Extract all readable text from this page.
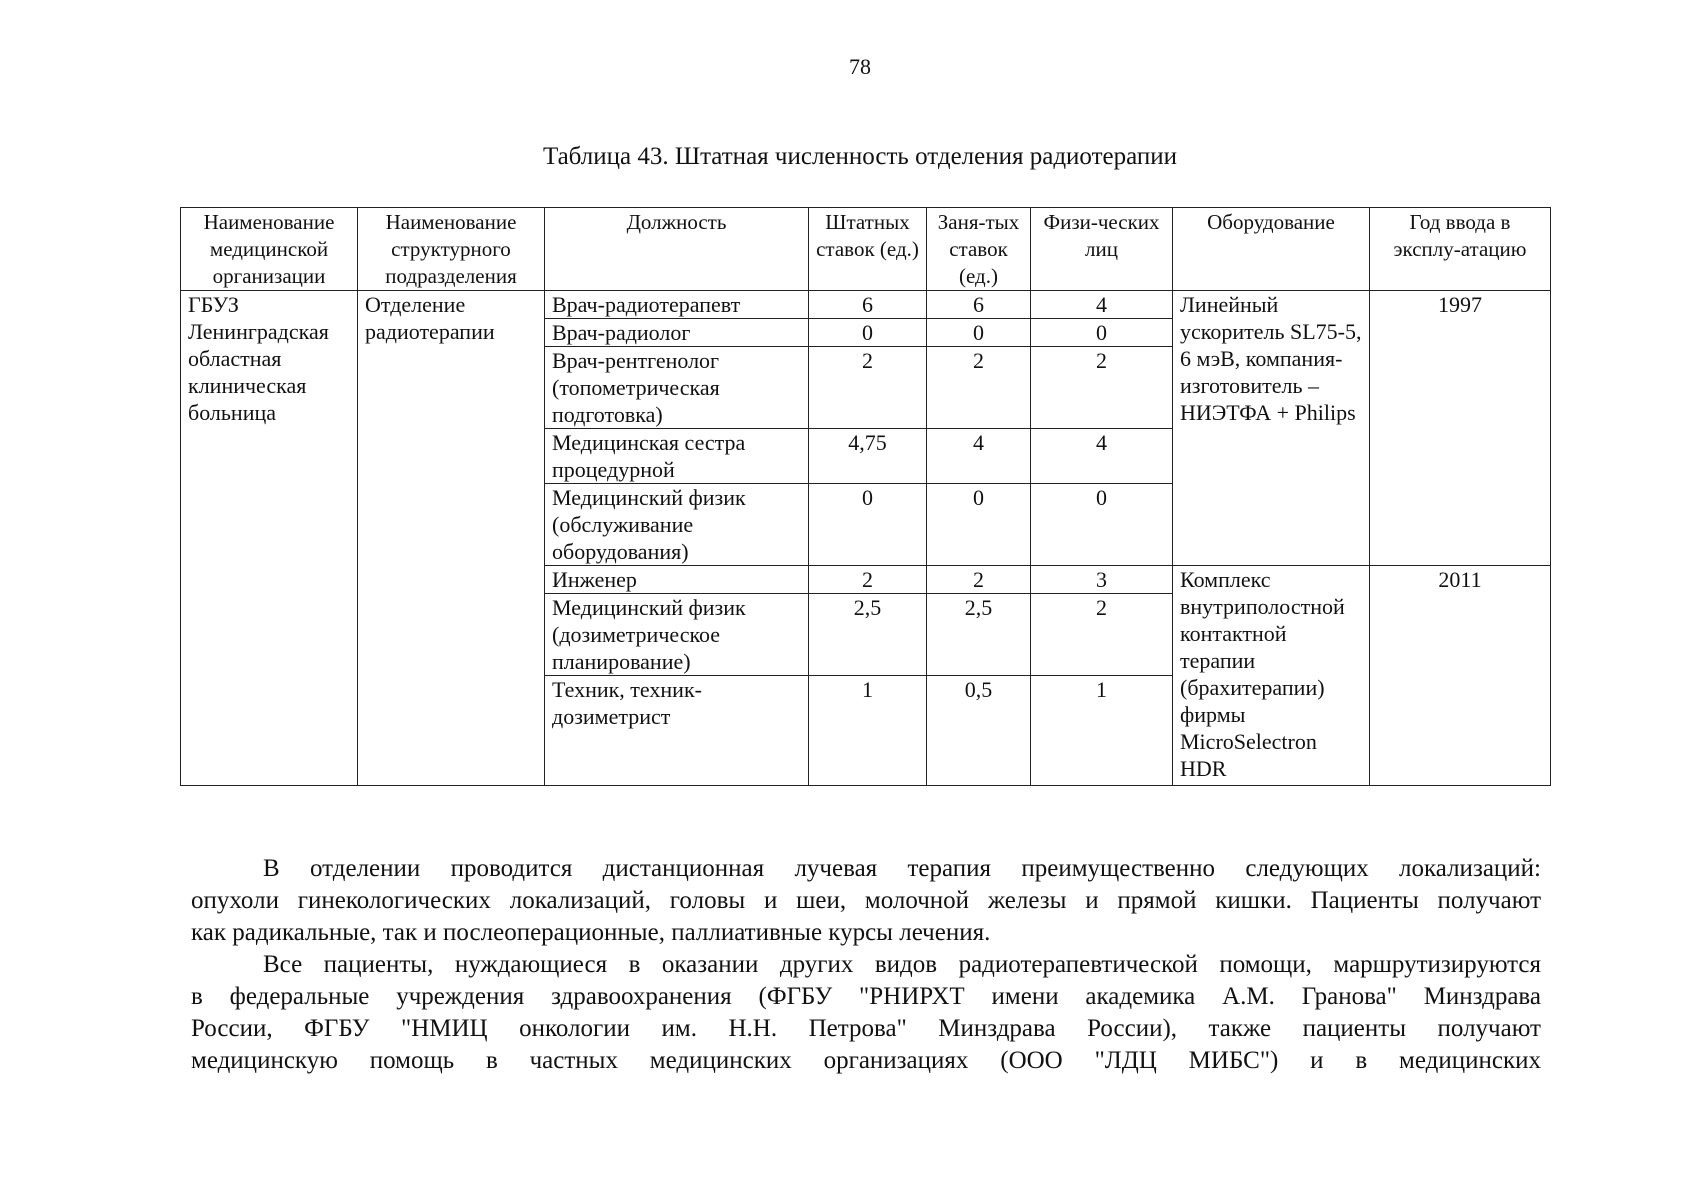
78
Таблица 43. Штатная численность отделения радиотерапии
Наименование медицинской организации	Наименование структурного подразделения	Должность	Штатных ставок (ед.)	Заня-тых ставок (ед.)	Физи-ческих лиц	Оборудование	Год ввода в эксплу-атацию
ГБУЗ Ленинградская областная клиническая больница	Отделение радиотерапии	Врач-радиотерапевт	6	6	4	Линейный ускоритель SL75-5, 6 мэВ, компания-изготовитель – НИЭТФА + Philips	1997
		Врач-радиолог	0	0	0		
		Врач-рентгенолог (топометрическая подготовка)	2	2	2		
		Медицинская сестра процедурной	4,75	4	4		
		Медицинский физик (обслуживание оборудования)	0	0	0		
		Инженер	2	2	3	Комплекс внутриполостной контактной терапии (брахитерапии) фирмы MicroSelectron HDR	2011
		Медицинский физик (дозиметрическое планирование)	2,5	2,5	2		
		Техник, техник-дозиметрист	1	0,5	1		

В отделении проводится дистанционная лучевая терапия преимущественно следующих локализаций:
опухоли гинекологических локализаций, головы и шеи, молочной железы и прямой кишки. Пациенты получают
как радикальные, так и послеоперационные, паллиативные курсы лечения.

Все пациенты, нуждающиеся в оказании других видов радиотерапевтической помощи, маршрутизируются
в федеральные учреждения здравоохранения (ФГБУ "РНИРХТ имени академика А.М. Гранова" Минздрава
России, ФГБУ "НМИЦ онкологии им. Н.Н. Петрова" Минздрава России), также пациенты получают
медицинскую помощь в частных медицинских организациях (ООО "ЛДЦ МИБС") и в медицинских
